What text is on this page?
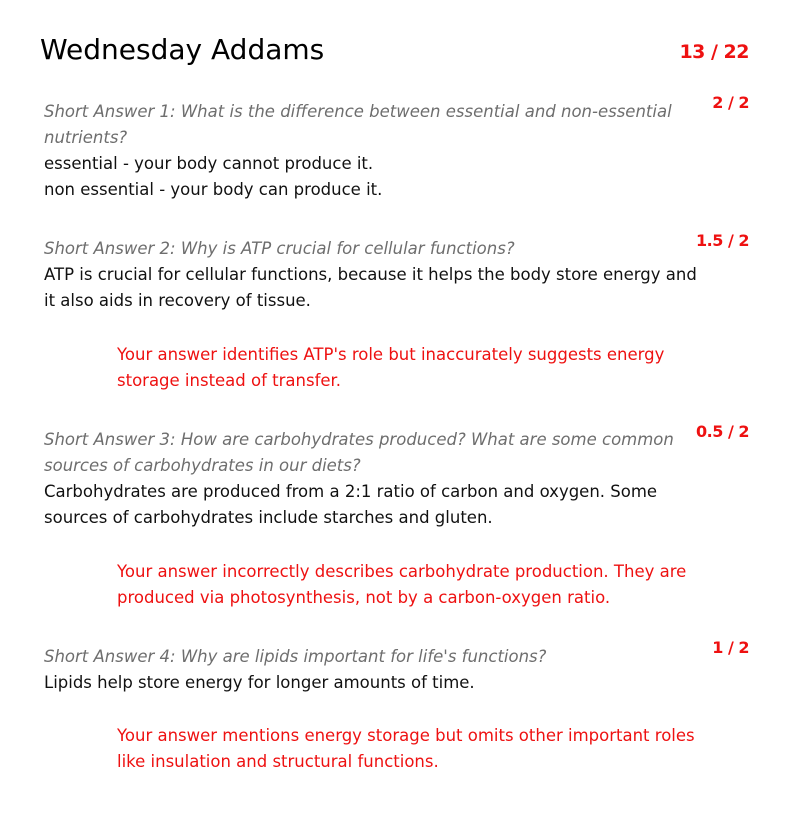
Wednesday Addams	13 / 22
2 / 2

Short Answer 1: What is the difference between essential and non-essential nutrients?

essential - your body cannot produce it.
non essential - your body can produce it.

1.5 / 2

Short Answer 2: Why is ATP crucial for cellular functions?

ATP is crucial for cellular functions, because it helps the body store energy and it also aids in recovery of tissue.

Your answer identifies ATP's role but inaccurately suggests energy storage instead of transfer.

0.5 / 2

Short Answer 3: How are carbohydrates produced? What are some common sources of carbohydrates in our diets?

Carbohydrates are produced from a 2:1 ratio of carbon and oxygen. Some sources of carbohydrates include starches and gluten.

Your answer incorrectly describes carbohydrate production. They are produced via photosynthesis, not by a carbon-oxygen ratio.

1 / 2

Short Answer 4: Why are lipids important for life's functions?

Lipids help store energy for longer amounts of time.

Your answer mentions energy storage but omits other important roles like insulation and structural functions.
